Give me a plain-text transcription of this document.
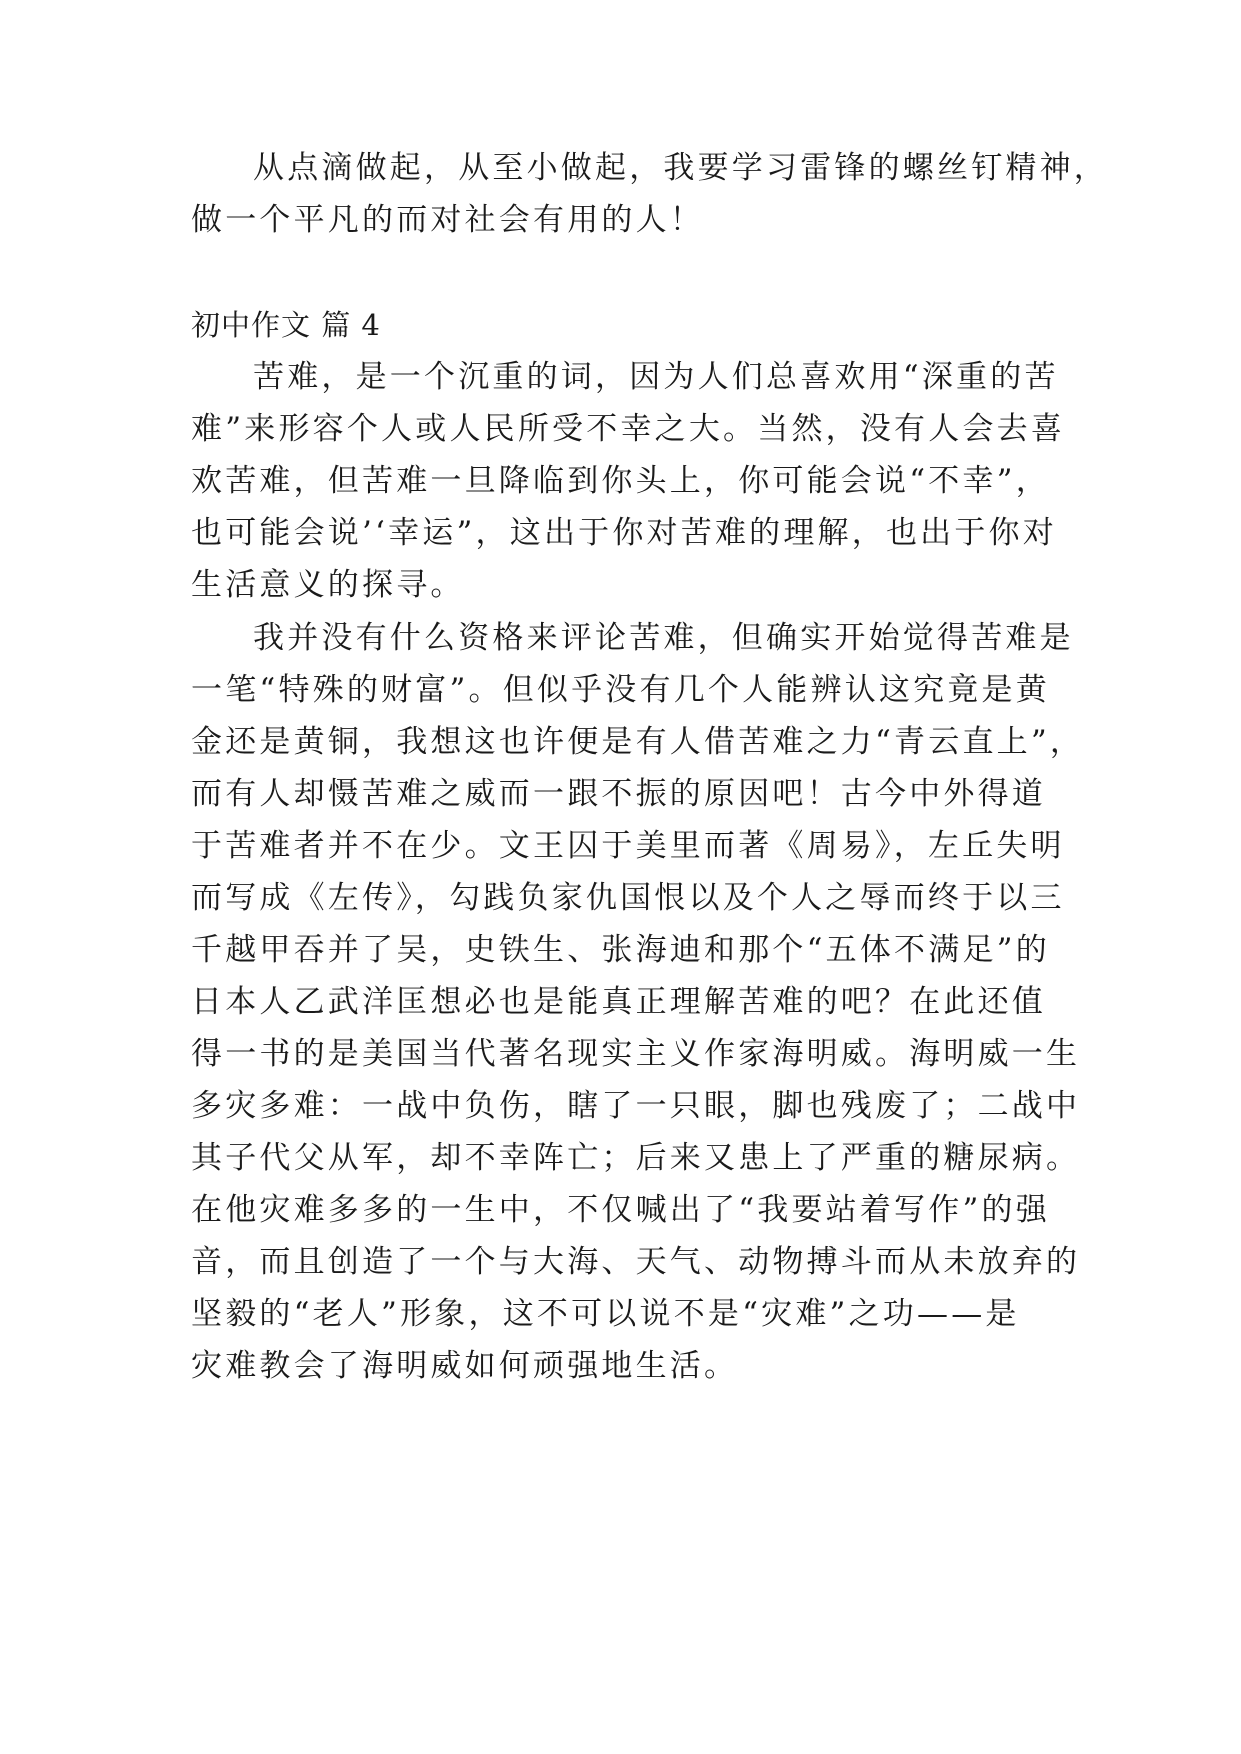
从点滴做起，从至小做起，我要学习雷锋的螺丝钉精神，
做一个平凡的而对社会有用的人！
初中作文 篇 4
苦难，是一个沉重的词，因为人们总喜欢用“深重的苦
难”来形容个人或人民所受不幸之大。当然，没有人会去喜
欢苦难，但苦难一旦降临到你头上，你可能会说“不幸”，
也可能会说’‘幸运”，这出于你对苦难的理解，也出于你对
生活意义的探寻。
我并没有什么资格来评论苦难，但确实开始觉得苦难是
一笔“特殊的财富”。但似乎没有几个人能辨认这究竟是黄
金还是黄铜，我想这也许便是有人借苦难之力“青云直上”，
而有人却慑苦难之威而一跟不振的原因吧！古今中外得道
于苦难者并不在少。文王囚于美里而著《周易》，左丘失明
而写成《左传》，勾践负家仇国恨以及个人之辱而终于以三
千越甲吞并了吴，史铁生、张海迪和那个“五体不满足”的
日本人乙武洋匡想必也是能真正理解苦难的吧？在此还值
得一书的是美国当代著名现实主义作家海明威。海明威一生
多灾多难：一战中负伤，瞎了一只眼，脚也残废了；二战中
其子代父从军，却不幸阵亡；后来又患上了严重的糖尿病。
在他灾难多多的一生中，不仅喊出了“我要站着写作”的强
音，而且创造了一个与大海、天气、动物搏斗而从未放弃的
坚毅的“老人”形象，这不可以说不是“灾难”之功——是
灾难教会了海明威如何顽强地生活。
